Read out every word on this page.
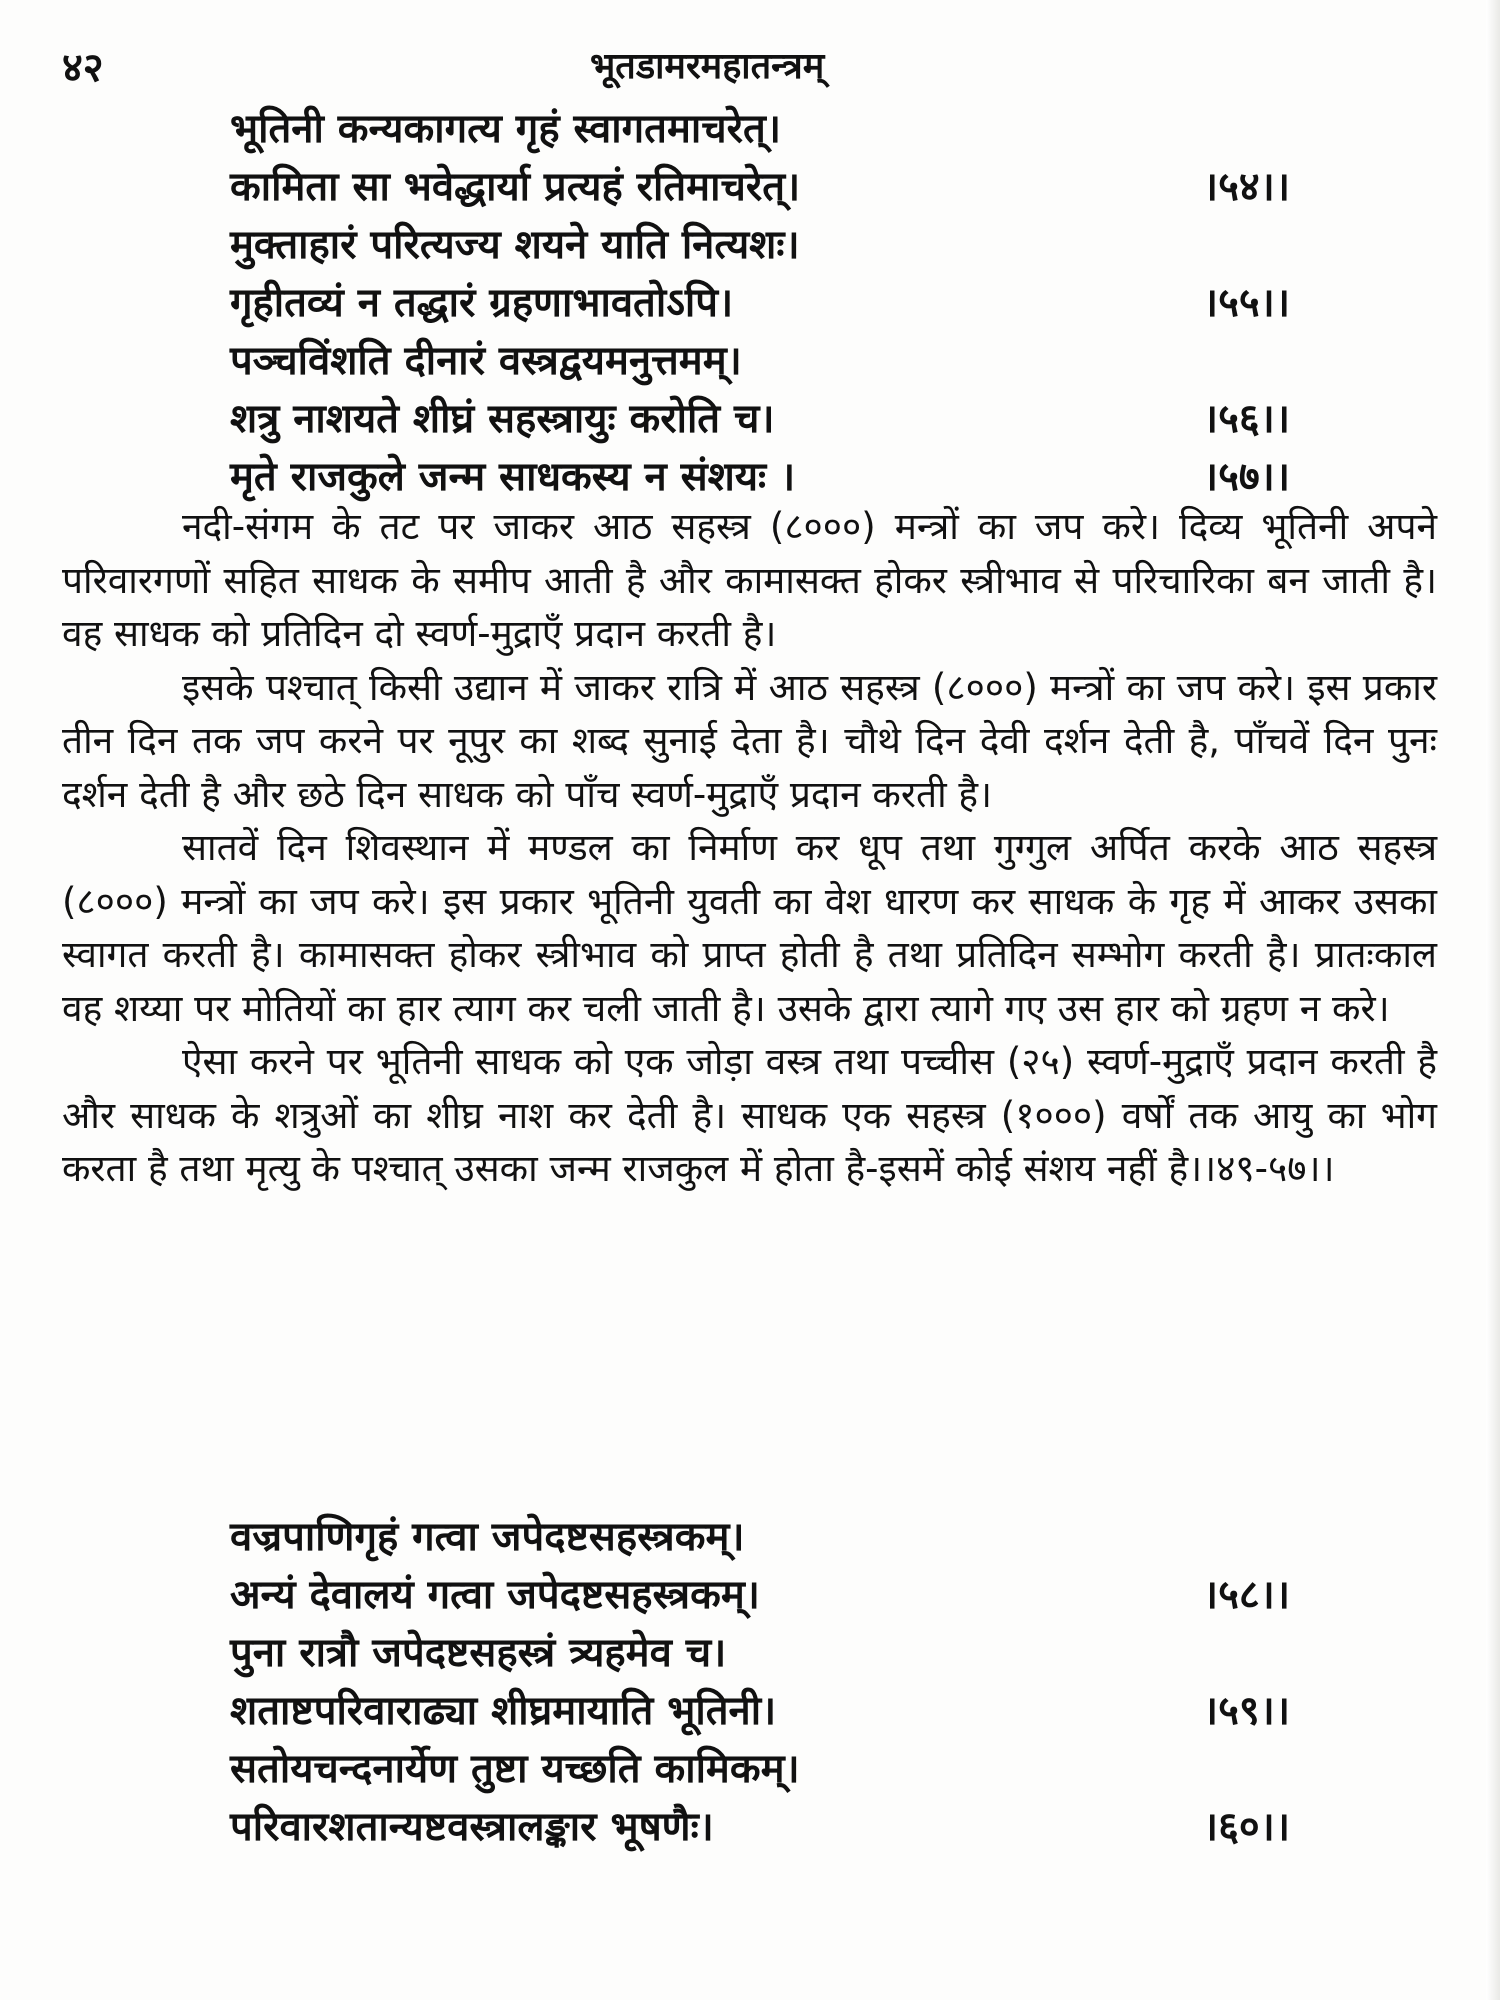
४२	भूतडामरमहातन्त्रम्
भूतिनी कन्यकागत्य गृहं स्वागतमाचरेत्।
कामिता सा भवेद्धार्या प्रत्यहं रतिमाचरेत्।	।५४।।
मुक्ताहारं परित्यज्य शयने याति नित्यशः।
गृहीतव्यं न तद्धारं ग्रहणाभावतोऽपि।	।५५।।
पञ्चविंशति दीनारं वस्त्रद्वयमनुत्तमम्।
शत्रु नाशयते शीघ्रं सहस्त्रायुः करोति च।	।५६।।
मृते राजकुले जन्म साधकस्य न संशयः ।	।५७।।

नदी-संगम के तट पर जाकर आठ सहस्त्र (८०००) मन्त्रों का जप करे। दिव्य भूतिनी अपने परिवारगणों सहित साधक के समीप आती है और कामासक्त होकर स्त्रीभाव से परिचारिका बन जाती है। वह साधक को प्रतिदिन दो स्वर्ण-मुद्राएँ प्रदान करती है।

इसके पश्चात् किसी उद्यान में जाकर रात्रि में आठ सहस्त्र (८०००) मन्त्रों का जप करे। इस प्रकार तीन दिन तक जप करने पर नूपुर का शब्द सुनाई देता है। चौथे दिन देवी दर्शन देती है, पाँचवें दिन पुनः दर्शन देती है और छठे दिन साधक को पाँच स्वर्ण-मुद्राएँ प्रदान करती है।

सातवें दिन शिवस्थान में मण्डल का निर्माण कर धूप तथा गुग्गुल अर्पित करके आठ सहस्त्र (८०००) मन्त्रों का जप करे। इस प्रकार भूतिनी युवती का वेश धारण कर साधक के गृह में आकर उसका स्वागत करती है। कामासक्त होकर स्त्रीभाव को प्राप्त होती है तथा प्रतिदिन सम्भोग करती है। प्रातःकाल वह शय्या पर मोतियों का हार त्याग कर चली जाती है। उसके द्वारा त्यागे गए उस हार को ग्रहण न करे।

ऐसा करने पर भूतिनी साधक को एक जोड़ा वस्त्र तथा पच्चीस (२५) स्वर्ण-मुद्राएँ प्रदान करती है और साधक के शत्रुओं का शीघ्र नाश कर देती है। साधक एक सहस्त्र (१०००) वर्षों तक आयु का भोग करता है तथा मृत्यु के पश्चात् उसका जन्म राजकुल में होता है-इसमें कोई संशय नहीं है।।४९-५७।।

वज्रपाणिगृहं गत्वा जपेदष्टसहस्त्रकम्।
अन्यं देवालयं गत्वा जपेदष्टसहस्त्रकम्।	।५८।।
पुना रात्रौ जपेदष्टसहस्त्रं त्र्यहमेव च।
शताष्टपरिवाराढ्या शीघ्रमायाति भूतिनी।	।५९।।
सतोयचन्दनार्येण तुष्टा यच्छति कामिकम्।
परिवारशतान्यष्टवस्त्रालङ्कार भूषणैः।	।६०।।
